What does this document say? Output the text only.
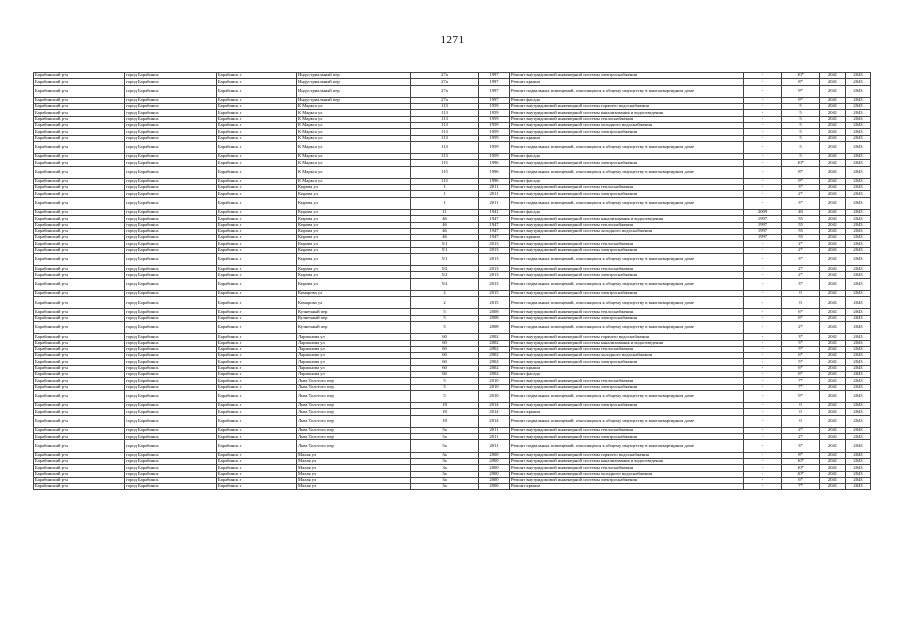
1271
Барабинский р-н	город Барабинск	Барабинск г	Индустриальный пер	27а	1997	Ремонт внутридомовой инженерной системы электроснабжения	-	10*	2041	2043
Барабинский р-н	город Барабинск	Барабинск г	Индустриальный пер	27а	1997	Ремонт крыши	-	8*	2041	2043
Барабинский р-н	город Барабинск	Барабинск г	Индустриальный пер	27а	1997	Ремонт подвальных помещений, относящихся к общему имуществу в многоквартирном доме	-	9*	2041	2043
Барабинский р-н	город Барабинск	Барабинск г	Индустриальный пер	27а	1997	Ремонт фасада	-	9*	2041	2043
Барабинский р-н	город Барабинск	Барабинск г	К Маркса ул	113	1959	Ремонт внутридомовой инженерной системы горячего водоснабжения	-	5	2041	2043
Барабинский р-н	город Барабинск	Барабинск г	К Маркса ул	113	1959	Ремонт внутридомовой инженерной системы канализования и водоотведения	-	5	2041	2043
Барабинский р-н	город Барабинск	Барабинск г	К Маркса ул	113	1959	Ремонт внутридомовой инженерной системы теплоснабжения	-	5	2041	2043
Барабинский р-н	город Барабинск	Барабинск г	К Маркса ул	113	1959	Ремонт внутридомовой инженерной системы холодного водоснабжения	-	5	2041	2043
Барабинский р-н	город Барабинск	Барабинск г	К Маркса ул	113	1959	Ремонт внутридомовой инженерной системы электроснабжения	-	5	2041	2043
Барабинский р-н	город Барабинск	Барабинск г	К Маркса ул	113	1959	Ремонт крыши	-	5	2041	2043
Барабинский р-н	город Барабинск	Барабинск г	К Маркса ул	113	1959	Ремонт подвальных помещений, относящихся к общему имуществу в многоквартирном доме	-	5	2041	2043
Барабинский р-н	город Барабинск	Барабинск г	К Маркса ул	113	1959	Ремонт фасада	-	5	2041	2043
Барабинский р-н	город Барабинск	Барабинск г	К Маркса ул	115	1996	Ремонт внутридомовой инженерной системы электроснабжения	-	10*	2041	2043
Барабинский р-н	город Барабинск	Барабинск г	К Маркса ул	115	1996	Ремонт подвальных помещений, относящихся к общему имуществу в многоквартирном доме	-	8*	2041	2043
Барабинский р-н	город Барабинск	Барабинск г	К Маркса ул	115	1996	Ремонт фасада	-	9*	2041	2043
Барабинский р-н	город Барабинск	Барабинск г	Кирова ул	1	2011	Ремонт внутридомовой инженерной системы теплоснабжения	-	3*	2041	2043
Барабинский р-н	город Барабинск	Барабинск г	Кирова ул	1	2011	Ремонт внутридомовой инженерной системы электроснабжения	-	2*	2041	2043
Барабинский р-н	город Барабинск	Барабинск г	Кирова ул	1	2011	Ремонт подвальных помещений, относящихся к общему имуществу в многоквартирном доме	-	3*	2041	2043
Барабинский р-н	город Барабинск	Барабинск г	Кирова ул	11	1941	Ремонт фасада	2009	40	2041	2043
Барабинский р-н	город Барабинск	Барабинск г	Кирова ул	46	1947	Ремонт внутридомовой инженерной системы канализования и водоотведения	1997	55	2041	2043
Барабинский р-н	город Барабинск	Барабинск г	Кирова ул	46	1947	Ремонт внутридомовой инженерной системы теплоснабжения	1997	55	2041	2043
Барабинский р-н	город Барабинск	Барабинск г	Кирова ул	46	1947	Ремонт внутридомовой инженерной системы холодного водоснабжения	1997	55	2041	2043
Барабинский р-н	город Барабинск	Барабинск г	Кирова ул	46	1947	Ремонт крыши	1997	55	2041	2043
Барабинский р-н	город Барабинск	Барабинск г	Кирова ул	5/1	2013	Ремонт внутридомовой инженерной системы теплоснабжения	-	2*	2041	2043
Барабинский р-н	город Барабинск	Барабинск г	Кирова ул	5/1	2013	Ремонт внутридомовой инженерной системы электроснабжения	-	2*	2041	2043
Барабинский р-н	город Барабинск	Барабинск г	Кирова ул	5/1	2013	Ремонт подвальных помещений, относящихся к общему имуществу в многоквартирном доме	-	3*	2041	2043
Барабинский р-н	город Барабинск	Барабинск г	Кирова ул	5/2	2013	Ремонт внутридомовой инженерной системы теплоснабжения	-	2*	2041	2043
Барабинский р-н	город Барабинск	Барабинск г	Кирова ул	5/2	2013	Ремонт внутридомовой инженерной системы электроснабжения	-	2*	2041	2043
Барабинский р-н	город Барабинск	Барабинск г	Кирова ул	5/2	2013	Ремонт подвальных помещений, относящихся к общему имуществу в многоквартирном доме	-	3*	2041	2043
Барабинский р-н	город Барабинск	Барабинск г	Комарова ул	2	2015	Ремонт внутридомовой инженерной системы электроснабжения	-	0	2041	2043
Барабинский р-н	город Барабинск	Барабинск г	Комарова ул	2	2015	Ремонт подвальных помещений, относящихся к общему имуществу в многоквартирном доме	-	0	2041	2043
Барабинский р-н	город Барабинск	Барабинск г	Кузнечный пер	5	2008	Ремонт внутридомовой инженерной системы теплоснабжения	-	6*	2041	2043
Барабинский р-н	город Барабинск	Барабинск г	Кузнечный пер	5	2008	Ремонт внутридомовой инженерной системы электроснабжения	-	6*	2041	2043
Барабинский р-н	город Барабинск	Барабинск г	Кузнечный пер	5	2008	Ремонт подвальных помещений, относящихся к общему имуществу в многоквартирном доме	-	2*	2041	2043
Барабинский р-н	город Барабинск	Барабинск г	Ларионова ул	60	2002	Ремонт внутридомовой инженерной системы горячего водоснабжения	-	3*	2041	2043
Барабинский р-н	город Барабинск	Барабинск г	Ларионова ул	60	2002	Ремонт внутридомовой инженерной системы канализования и водоотведения	-	5*	2041	2043
Барабинский р-н	город Барабинск	Барабинск г	Ларионова ул	60	2002	Ремонт внутридомовой инженерной системы теплоснабжения	-	5*	2041	2043
Барабинский р-н	город Барабинск	Барабинск г	Ларионова ул	60	2002	Ремонт внутридомовой инженерной системы холодного водоснабжения	-	6*	2041	2043
Барабинский р-н	город Барабинск	Барабинск г	Ларионова ул	60	2002	Ремонт внутридомовой инженерной системы электроснабжения	-	5*	2041	2043
Барабинский р-н	город Барабинск	Барабинск г	Ларионова ул	60	2002	Ремонт крыши	-	6*	2041	2043
Барабинский р-н	город Барабинск	Барабинск г	Ларионова ул	60	2002	Ремонт фасада	-	6*	2041	2043
Барабинский р-н	город Барабинск	Барабинск г	Льва Толстого пер	5	2010	Ремонт внутридомовой инженерной системы теплоснабжения	-	7*	2041	2043
Барабинский р-н	город Барабинск	Барабинск г	Льва Толстого пер	5	2010	Ремонт внутридомовой инженерной системы электроснабжения	-	7*	2041	2043
Барабинский р-н	город Барабинск	Барабинск г	Льва Толстого пер	5	2010	Ремонт подвальных помещений, относящихся к общему имуществу в многоквартирном доме	-	9*	2041	2043
Барабинский р-н	город Барабинск	Барабинск г	Льва Толстого пер	18	2014	Ремонт внутридомовой инженерной системы электроснабжения	-	0	2041	2043
Барабинский р-н	город Барабинск	Барабинск г	Льва Толстого пер	18	2014	Ремонт крыши	-	0	2041	2043
Барабинский р-н	город Барабинск	Барабинск г	Льва Толстого пер	18	2014	Ремонт подвальных помещений, относящихся к общему имуществу в многоквартирном доме	-	0	2041	2043
Барабинский р-н	город Барабинск	Барабинск г	Льва Толстого пер	5а	2011	Ремонт внутридомовой инженерной системы теплоснабжения	-	2*	2041	2043
Барабинский р-н	город Барабинск	Барабинск г	Льва Толстого пер	5а	2011	Ремонт внутридомовой инженерной системы электроснабжения	-	2*	2041	2043
Барабинский р-н	город Барабинск	Барабинск г	Льва Толстого пер	5а	2011	Ремонт подвальных помещений, относящихся к общему имуществу в многоквартирном доме	-	3*	2041	2043
Барабинский р-н	город Барабинск	Барабинск г	Малая ул	3а	2000	Ремонт внутридомовой инженерной системы горячего водоснабжения	-	8*	2041	2043
Барабинский р-н	город Барабинск	Барабинск г	Малая ул	3а	2000	Ремонт внутридомовой инженерной системы канализования и водоотведения	-	10*	2041	2043
Барабинский р-н	город Барабинск	Барабинск г	Малая ул	3а	2000	Ремонт внутридомовой инженерной системы теплоснабжения	-	10*	2041	2043
Барабинский р-н	город Барабинск	Барабинск г	Малая ул	3а	2000	Ремонт внутридомовой инженерной системы холодного водоснабжения	-	10*	2041	2043
Барабинский р-н	город Барабинск	Барабинск г	Малая ул	3а	2000	Ремонт внутридомовой инженерной системы электроснабжения	-	6*	2041	2043
Барабинский р-н	город Барабинск	Барабинск г	Малая ул	3а	2000	Ремонт крыши	-	7*	2041	2043
